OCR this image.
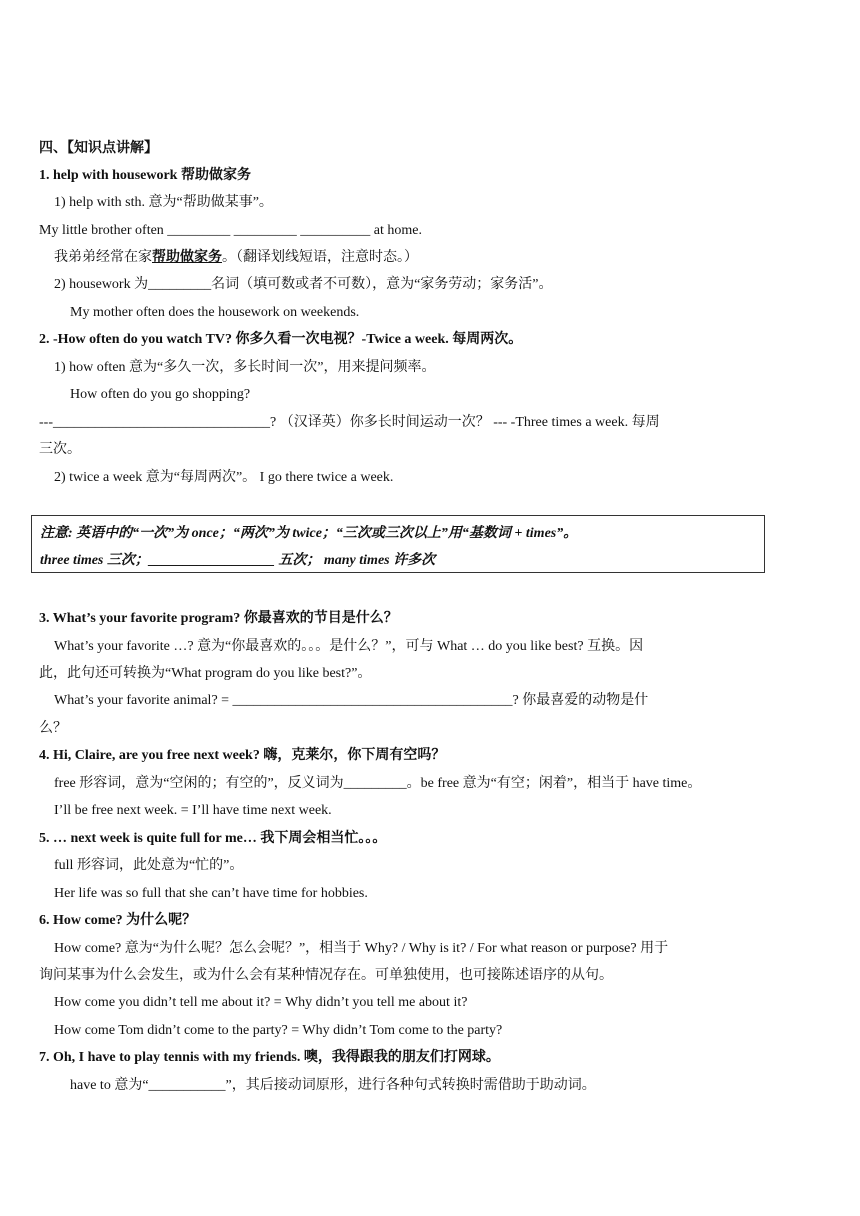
四、【知识点讲解】
1. help with housework 帮助做家务
1) help with sth. 意为“帮助做某事”。
My little brother often _________ _________ __________ at home.
我弟弟经常在家帮助做家务。（翻译划线短语，注意时态。）
2) housework 为_________名词（填可数或者不可数），意为“家务劳动；家务活”。
My mother often does the housework on weekends.
2. -How often do you watch TV? 你多久看一次电视？-Twice a week. 每周两次。
1) how often 意为“多久一次，多长时间一次”，用来提问频率。
How often do you go shopping?
---_______________________________? （汉译英）你多长时间运动一次？ --- -Three times a week. 每周
三次。
2) twice a week 意为“每周两次”。 I go there twice a week.
注意: 英语中的“一次”为 once；“两次”为 twice；“三次或三次以上”用“基数词 + times”。
three times 三次；__________________ 五次； many times 许多次
3. What’s your favorite program? 你最喜欢的节目是什么？
What’s your favorite …? 意为“你最喜欢的。。。是什么？”，可与 What … do you like best? 互换。因
此，此句还可转换为“What program do you like best?”。
What’s your favorite animal? = ________________________________________? 你最喜爱的动物是什
么？
4. Hi, Claire, are you free next week? 嗨，克莱尔，你下周有空吗？
free 形容词，意为“空闲的；有空的”，反义词为_________。be free 意为“有空；闲着”，相当于 have time。
I’ll be free next week. = I’ll have time next week.
5. … next week is quite full for me… 我下周会相当忙。。。
full 形容词，此处意为“忙的”。
Her life was so full that she can’t have time for hobbies.
6. How come? 为什么呢？
How come? 意为“为什么呢？怎么会呢？”，相当于 Why? / Why is it? / For what reason or purpose? 用于
询问某事为什么会发生，或为什么会有某种情况存在。可单独使用，也可接陈述语序的从句。
How come you didn’t tell me about it? = Why didn’t you tell me about it?
How come Tom didn’t come to the party? = Why didn’t Tom come to the party?
7. Oh, I have to play tennis with my friends. 噢，我得跟我的朋友们打网球。
have to 意为“___________”，其后接动词原形，进行各种句式转换时需借助于助动词。
